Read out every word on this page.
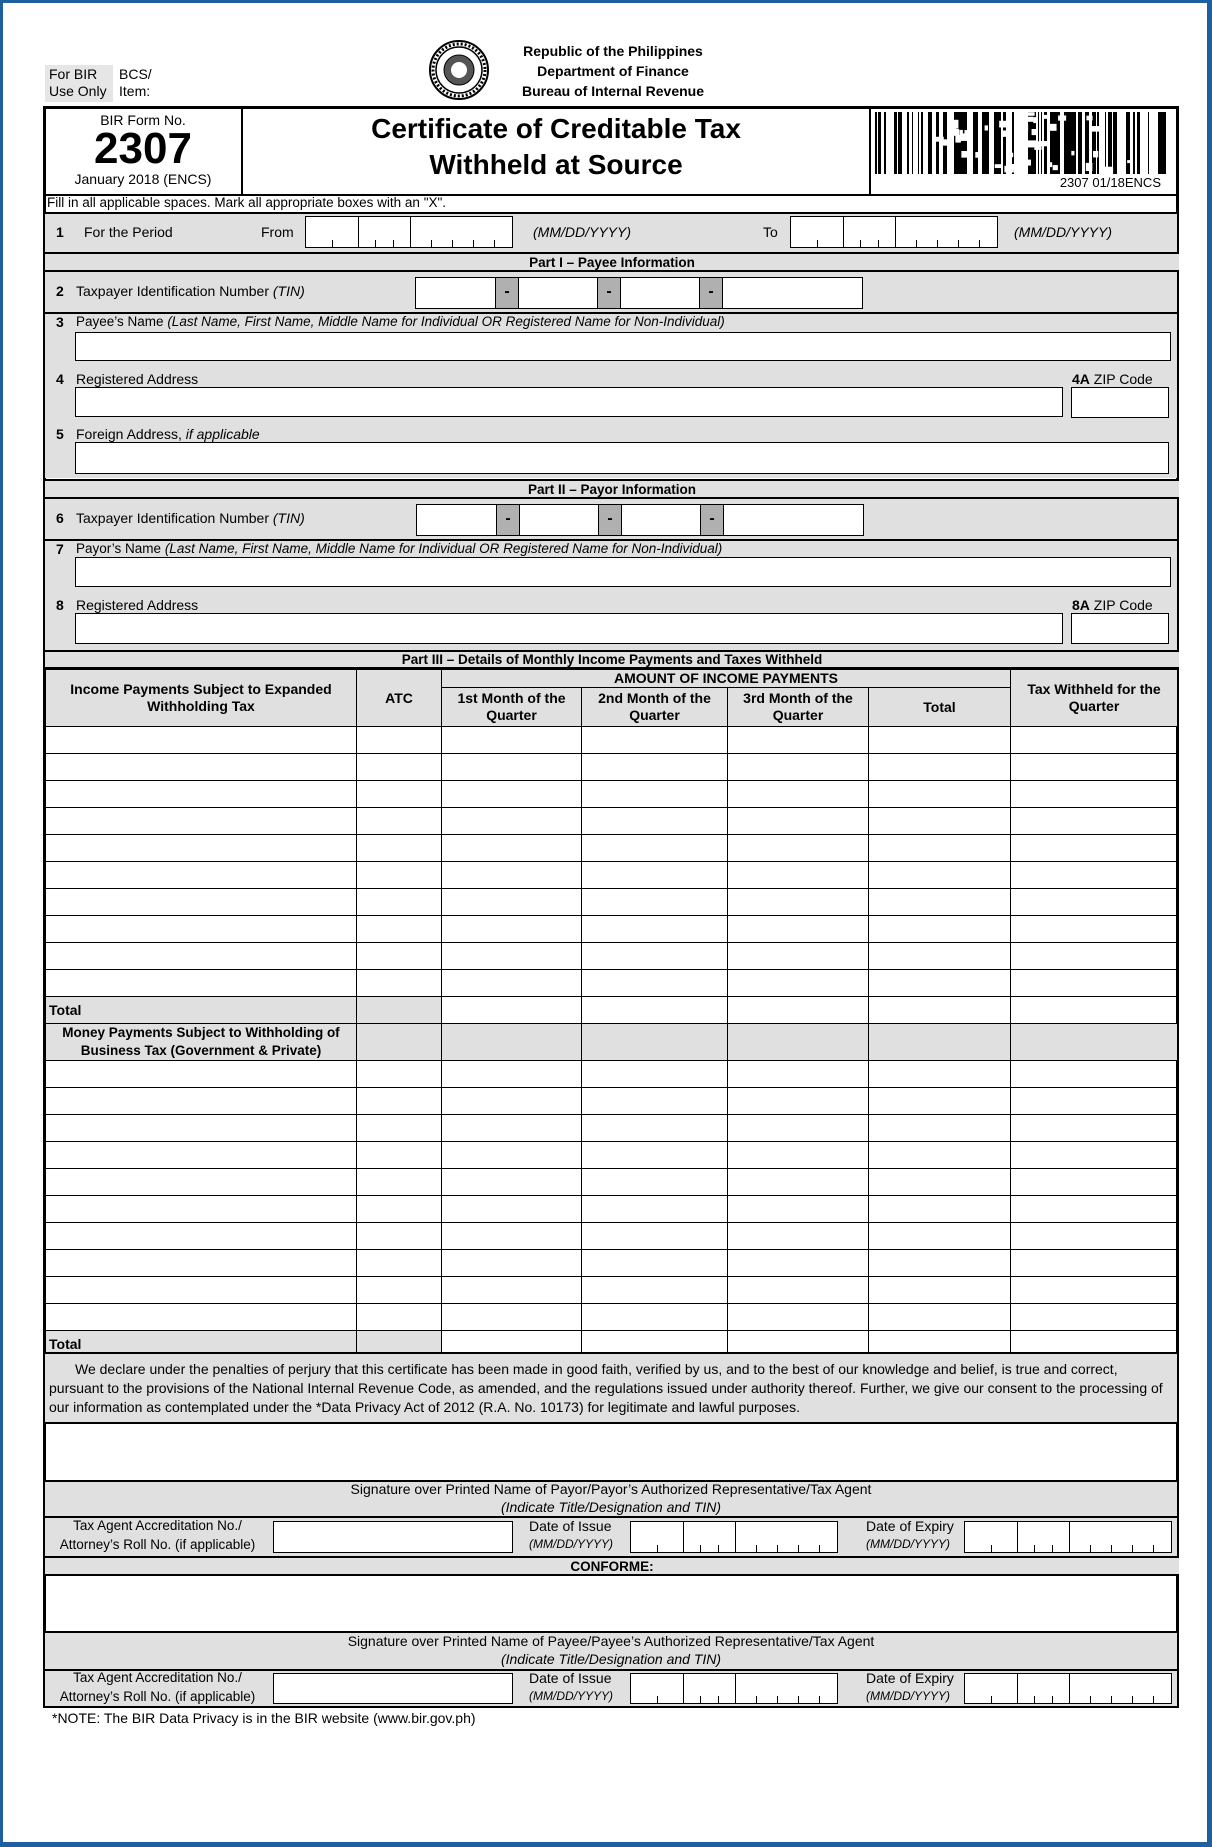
For BIR
Use Only
BCS/
Item:
Republic of the Philippines
Department of Finance
Bureau of Internal Revenue
BIR Form No.
2307
January 2018 (ENCS)
Certificate of Creditable Tax
Withheld at Source
2307 01/18ENCS
Fill in all applicable spaces. Mark all appropriate boxes with an "X".
1 For the Period	From	(MM/DD/YYYY)	To	(MM/DD/YYYY)
Part I – Payee Information
2 Taxpayer Identification Number (TIN)	-	-	-
3 Payee’s Name (Last Name, First Name, Middle Name for Individual OR Registered Name for Non-Individual)
4 Registered Address	4A ZIP Code
5 Foreign Address, if applicable
Part II – Payor Information
6 Taxpayer Identification Number (TIN)	-	-	-
7 Payor’s Name (Last Name, First Name, Middle Name for Individual OR Registered Name for Non-Individual)
8 Registered Address	8A ZIP Code
Part III – Details of Monthly Income Payments and Taxes Withheld
Income Payments Subject to Expanded Withholding Tax	ATC	AMOUNT OF INCOME PAYMENTS				Tax Withheld for the Quarter
		1st Month of the Quarter	2nd Month of the Quarter	3rd Month of the Quarter	Total	

Total						
Money Payments Subject to Withholding of Business Tax (Government & Private)						

Total						
We declare under the penalties of perjury that this certificate has been made in good faith, verified by us, and to the best of our knowledge and belief, is true and correct, pursuant to the provisions of the National Internal Revenue Code, as amended, and the regulations issued under authority thereof. Further, we give our consent to the processing of our information as contemplated under the *Data Privacy Act of 2012 (R.A. No. 10173) for legitimate and lawful purposes.
Signature over Printed Name of Payor/Payor’s Authorized Representative/Tax Agent
(Indicate Title/Designation and TIN)
Tax Agent Accreditation No./
Attorney’s Roll No. (if applicable)
Date of Issue
(MM/DD/YYYY)
Date of Expiry
(MM/DD/YYYY)
CONFORME:
Signature over Printed Name of Payee/Payee’s Authorized Representative/Tax Agent
(Indicate Title/Designation and TIN)
Tax Agent Accreditation No./
Attorney’s Roll No. (if applicable)
Date of Issue
(MM/DD/YYYY)
Date of Expiry
(MM/DD/YYYY)
*NOTE: The BIR Data Privacy is in the BIR website (www.bir.gov.ph)
